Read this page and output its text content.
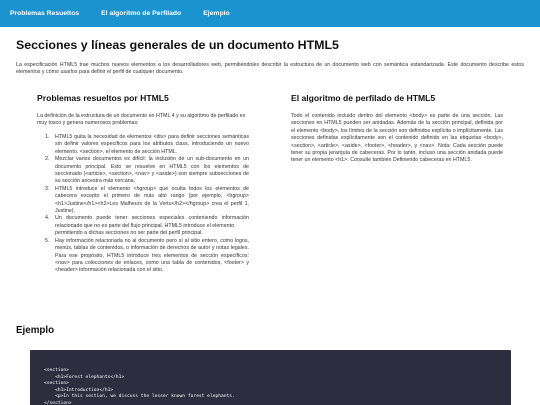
Problemas Resueltos	El algoritmo de Perfilado	Ejemplo
Secciones y líneas generales de un documento HTML5

La especificación HTML5 trae muchos nuevos elementos a los desarrolladores web, permitiéndoles describir la estructura de un documento web con semántica estandarizada. Este documento describe estos elementos y cómo usarlos para definir el perfil de cualquier documento.

Problemas resueltos por HTML5

La definición de la estructura de un documento en HTML 4 y su algoritmo de perfilado es muy tosco y genera numerosos problemas:

1. HTML5 quita la necesidad de elementos <div> para definir secciones semánticas sin definir valores específicos para los atributos class, introduciendo un nuevo elemento, <section>, el elemento de sección HTML.
2. Mezclar varios documentos es difícil: la inclusión de un sub-documento en un documento principal. Esto se resuelve en HTML5 con los elementos de seccionado (<article>, <section>, <nav> y <aside>) son siempre subsecciones de su sección ancestra más cercana.
3. HTML5 introduce el elemento <hgroup> que oculta todos los elementos de cabecera excepto el primero de más alto rango (por ejemplo, <hgroup><h1>Justine</h1><h2>Les Malheurs de la Vertu</h2></hgroup> crea el perfil 1. Justine).
4. Un documento puede tener secciones especiales conteniendo información relacionado que no es parte del flujo principal. HTML5 introduce el elemento
permitiendo a dichas secciones no ser parte del perfil principal.
5. Hay información relacionada no al documento pero sí al sitio entero, como logos, menús, tablas de contenidos, o información de derechos de autor y notas legales. Para ese propósito, HTML5 introduce tres elementos de sección específicos: <nav> para colecciones de enlaces, como una tabla de contenidos, <footer> y <header> información relacionada con el sitio.
El algoritmo de perfilado de HTML5

Todo el contenido incluido dentro del elemento <body> es parte de una sección. Las secciones en HTML5 pueden ser anidadas. Además de la sección principal, definida por el elemento <body>, los límites de la sección son definidos explícita o implícitamente. Las secciones definidas explícitamente son el contenido definido en las etiquetas <body>, <section>, <article>, <aside>, <footer>, <header>, y <nav>. Nota: Cada sección puede tener su propia jerarquía de cabeceras. Por lo tanto, incluso una sección anidada puede tener un elemento <h1>. Consulte también Definiendo cabeceras en HTML5.

Ejemplo
<section>
<h1>Forest elephants</h1>
<section>
<h1>Introduction</h1>
<p>In this section, we discuss the lesser known forest elephants.
</section>
